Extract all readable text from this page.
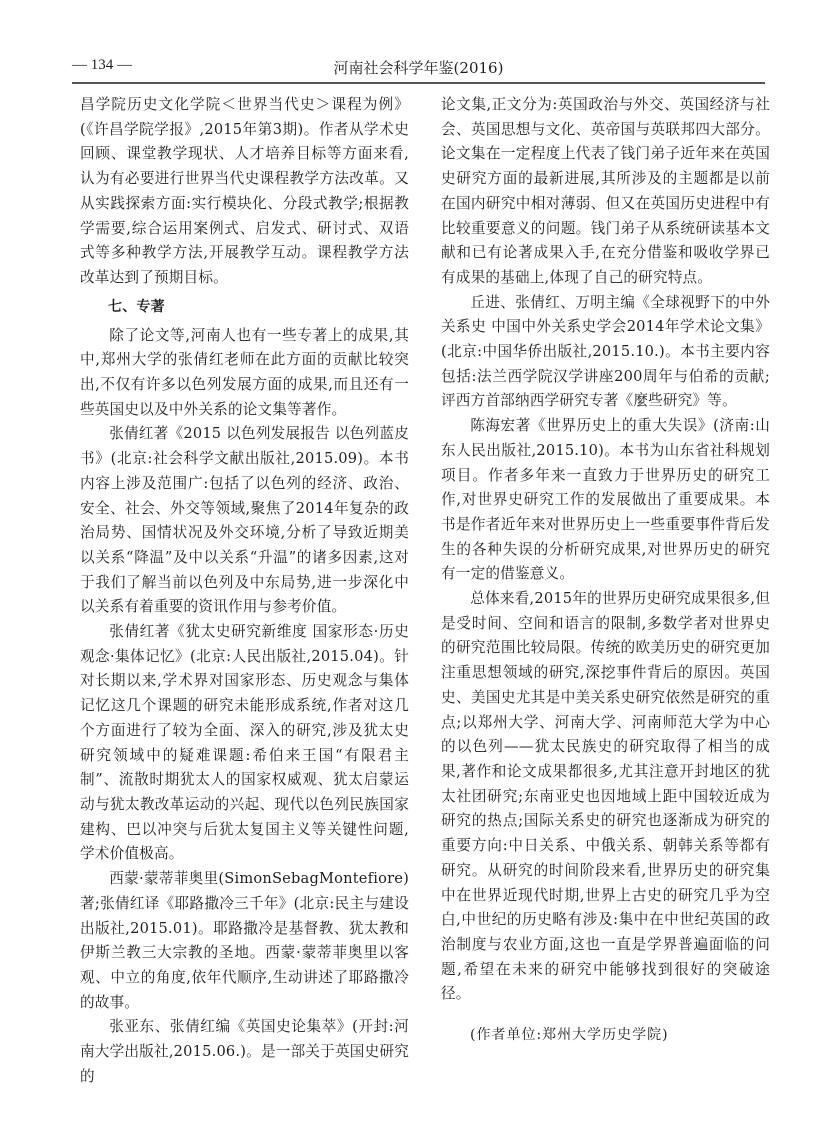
— 134 —	河南社会科学年鉴(2016)

昌学院历史文化学院＜世界当代史＞课程为例》(《许昌学院学报》,2015年第3期)。作者从学术史回顾、课堂教学现状、人才培养目标等方面来看,认为有必要进行世界当代史课程教学方法改革。又从实践探索方面:实行模块化、分段式教学;根据教学需要,综合运用案例式、启发式、研讨式、双语式等多种教学方法,开展教学互动。课程教学方法改革达到了预期目标。

七、专著

除了论文等,河南人也有一些专著上的成果,其中,郑州大学的张倩红老师在此方面的贡献比较突出,不仅有许多以色列发展方面的成果,而且还有一些英国史以及中外关系的论文集等著作。

张倩红著《2015 以色列发展报告 以色列蓝皮书》(北京:社会科学文献出版社,2015.09)。本书内容上涉及范围广:包括了以色列的经济、政治、安全、社会、外交等领域,聚焦了2014年复杂的政治局势、国情状况及外交环境,分析了导致近期美以关系“降温”及中以关系“升温”的诸多因素,这对于我们了解当前以色列及中东局势,进一步深化中以关系有着重要的资讯作用与参考价值。

张倩红著《犹太史研究新维度 国家形态·历史观念·集体记忆》(北京:人民出版社,2015.04)。针对长期以来,学术界对国家形态、历史观念与集体记忆这几个课题的研究未能形成系统,作者对这几个方面进行了较为全面、深入的研究,涉及犹太史研究领域中的疑难课题:希伯来王国“有限君主制”、流散时期犹太人的国家权威观、犹太启蒙运动与犹太教改革运动的兴起、现代以色列民族国家建构、巴以冲突与后犹太复国主义等关键性问题,学术价值极高。

西蒙·蒙蒂菲奥里(SimonSebagMontefiore)著;张倩红译《耶路撒冷三千年》(北京:民主与建设出版社,2015.01)。耶路撒冷是基督教、犹太教和伊斯兰教三大宗教的圣地。西蒙·蒙蒂菲奥里以客观、中立的角度,依年代顺序,生动讲述了耶路撒冷的故事。

张亚东、张倩红编《英国史论集萃》(开封:河南大学出版社,2015.06.)。是一部关于英国史研究的

论文集,正文分为:英国政治与外交、英国经济与社会、英国思想与文化、英帝国与英联邦四大部分。论文集在一定程度上代表了钱门弟子近年来在英国史研究方面的最新进展,其所涉及的主题都是以前在国内研究中相对薄弱、但又在英国历史进程中有比较重要意义的问题。钱门弟子从系统研读基本文献和已有论著成果入手,在充分借鉴和吸收学界已有成果的基础上,体现了自己的研究特点。

丘进、张倩红、万明主编《全球视野下的中外关系史 中国中外关系史学会2014年学术论文集》(北京:中国华侨出版社,2015.10.)。本书主要内容包括:法兰西学院汉学讲座200周年与伯希的贡献;评西方首部纳西学研究专著《麼些研究》等。

陈海宏著《世界历史上的重大失误》(济南:山东人民出版社,2015.10)。本书为山东省社科规划项目。作者多年来一直致力于世界历史的研究工作,对世界史研究工作的发展做出了重要成果。本书是作者近年来对世界历史上一些重要事件背后发生的各种失误的分析研究成果,对世界历史的研究有一定的借鉴意义。

总体来看,2015年的世界历史研究成果很多,但是受时间、空间和语言的限制,多数学者对世界史的研究范围比较局限。传统的欧美历史的研究更加注重思想领域的研究,深挖事件背后的原因。英国史、美国史尤其是中美关系史研究依然是研究的重点;以郑州大学、河南大学、河南师范大学为中心的以色列——犹太民族史的研究取得了相当的成果,著作和论文成果都很多,尤其注意开封地区的犹太社团研究;东南亚史也因地域上距中国较近成为研究的热点;国际关系史的研究也逐渐成为研究的重要方向:中日关系、中俄关系、朝韩关系等都有研究。从研究的时间阶段来看,世界历史的研究集中在世界近现代时期,世界上古史的研究几乎为空白,中世纪的历史略有涉及:集中在中世纪英国的政治制度与农业方面,这也一直是学界普遍面临的问题,希望在未来的研究中能够找到很好的突破途径。

(作者单位:郑州大学历史学院)
